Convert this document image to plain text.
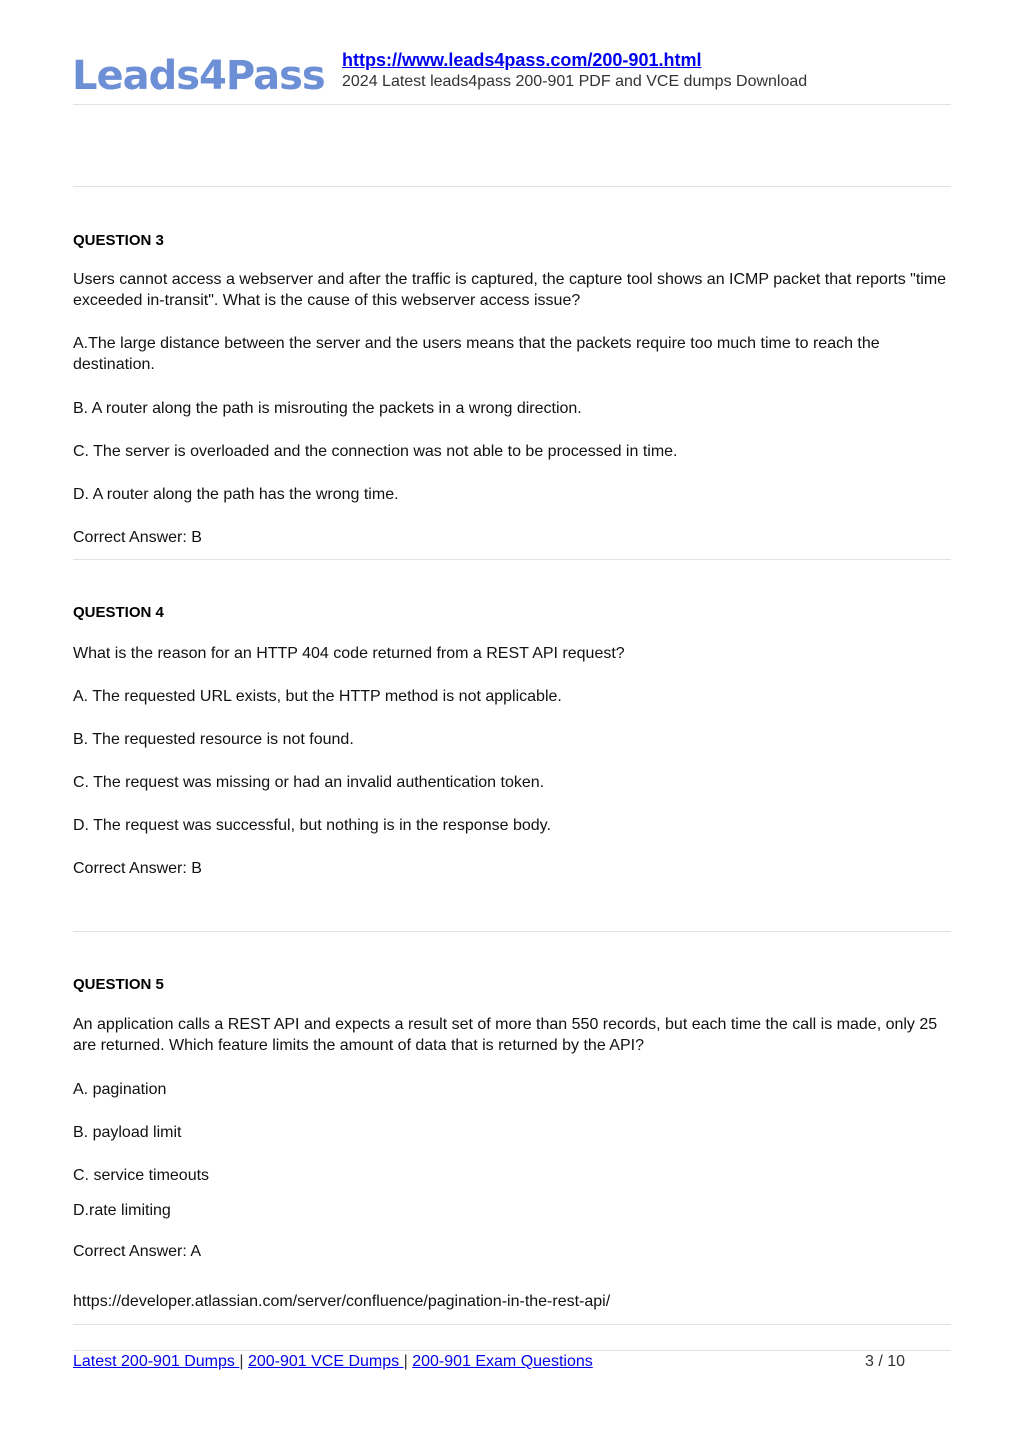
Leads4Pass https://www.leads4pass.com/200-901.html
2024 Latest leads4pass 200-901 PDF and VCE dumps Download
QUESTION 3
Users cannot access a webserver and after the traffic is captured, the capture tool shows an ICMP packet that reports "time exceeded in-transit". What is the cause of this webserver access issue?
A.The large distance between the server and the users means that the packets require too much time to reach the destination.
B. A router along the path is misrouting the packets in a wrong direction.
C. The server is overloaded and the connection was not able to be processed in time.
D. A router along the path has the wrong time.
Correct Answer: B
QUESTION 4
What is the reason for an HTTP 404 code returned from a REST API request?
A. The requested URL exists, but the HTTP method is not applicable.
B. The requested resource is not found.
C. The request was missing or had an invalid authentication token.
D. The request was successful, but nothing is in the response body.
Correct Answer: B
QUESTION 5
An application calls a REST API and expects a result set of more than 550 records, but each time the call is made, only 25 are returned. Which feature limits the amount of data that is returned by the API?
A. pagination
B. payload limit
C. service timeouts
D.rate limiting
Correct Answer: A
https://developer.atlassian.com/server/confluence/pagination-in-the-rest-api/
Latest 200-901 Dumps | 200-901 VCE Dumps | 200-901 Exam Questions	3 / 10
